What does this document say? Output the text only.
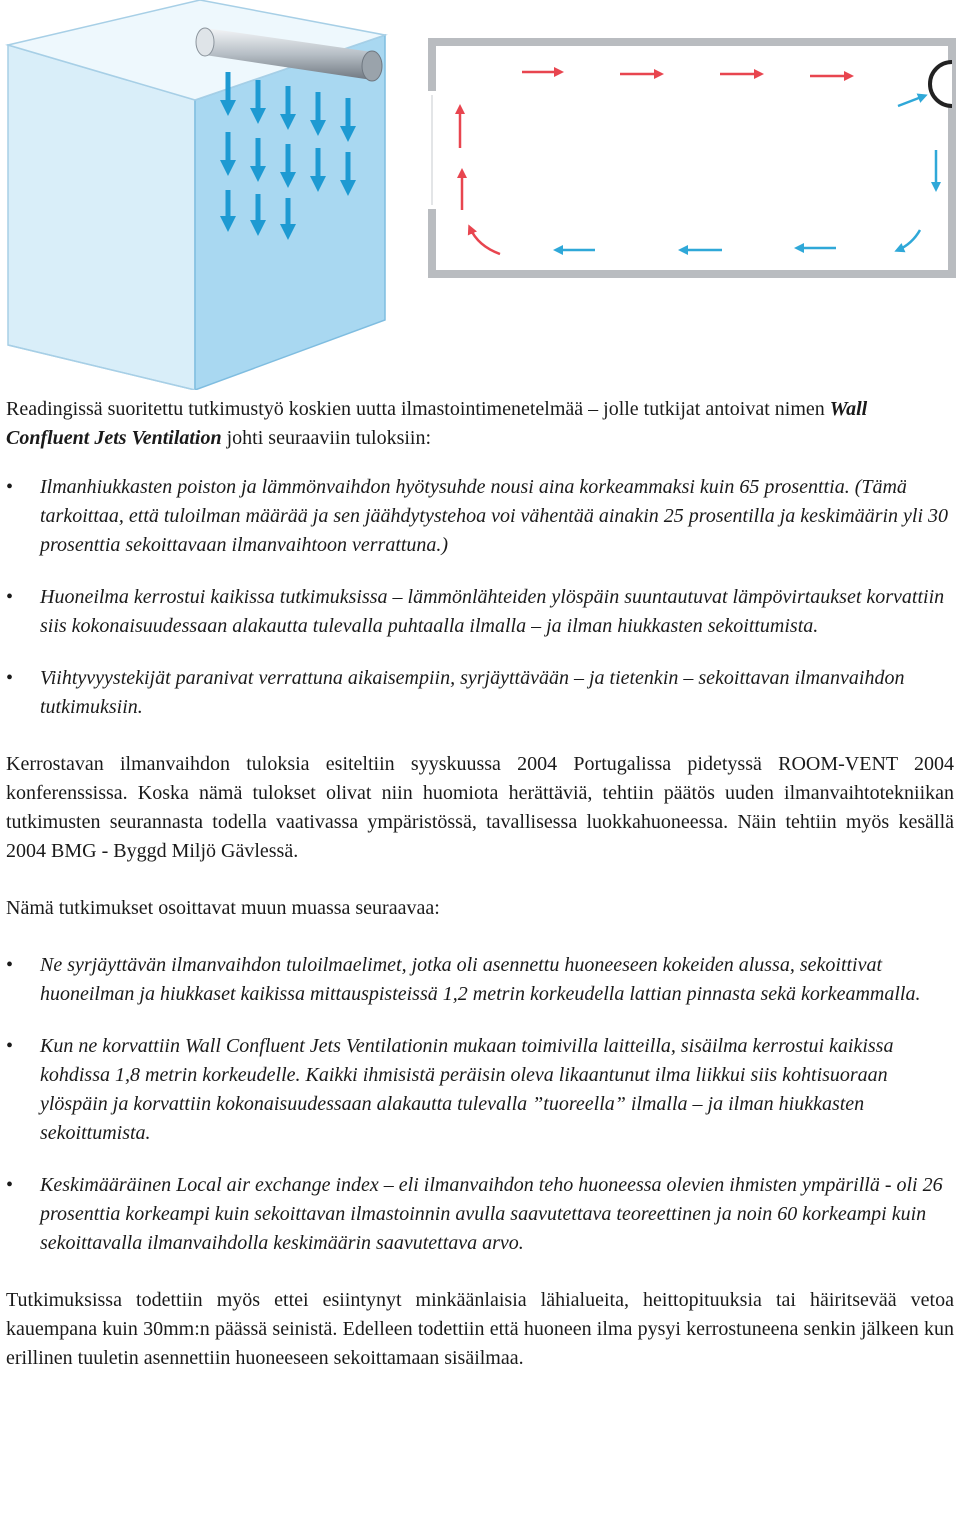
Readingissä suoritettu tutkimustyö koskien uutta ilmastointimenetelmää – jolle tutkijat antoivat nimen Wall Confluent Jets Ventilation johti seuraaviin tuloksiin:

• Ilmanhiukkasten poiston ja lämmönvaihdon hyötysuhde nousi aina korkeammaksi kuin 65 prosenttia. (Tämä tarkoittaa, että tuloilman määrää ja sen jäähdytystehoa voi vähentää ainakin 25 prosentilla ja keskimäärin yli 30 prosenttia sekoittavaan ilmanvaihtoon verrattuna.)
• Huoneilma kerrostui kaikissa tutkimuksissa – lämmönlähteiden ylöspäin suuntautuvat lämpövirtaukset korvattiin siis kokonaisuudessaan alakautta tulevalla puhtaalla ilmalla – ja ilman hiukkasten sekoittumista.
• Viihtyvyystekijät paranivat verrattuna aikaisempiin, syrjäyttävään – ja tietenkin – sekoittavan ilmanvaihdon tutkimuksiin.

Kerrostavan ilmanvaihdon tuloksia esiteltiin syyskuussa 2004 Portugalissa pidetyssä ROOM-VENT 2004 konferenssissa. Koska nämä tulokset olivat niin huomiota herättäviä, tehtiin päätös uuden ilmanvaihtotekniikan tutkimusten seurannasta todella vaativassa ympäristössä, tavallisessa luokkahuoneessa. Näin tehtiin myös kesällä 2004 BMG - Byggd Miljö Gävlessä.

Nämä tutkimukset osoittavat muun muassa seuraavaa:

• Ne syrjäyttävän ilmanvaihdon tuloilmaelimet, jotka oli asennettu huoneeseen kokeiden alussa, sekoittivat huoneilman ja hiukkaset kaikissa mittauspisteissä 1,2 metrin korkeudella lattian pinnasta sekä korkeammalla.
• Kun ne korvattiin Wall Confluent Jets Ventilationin mukaan toimivilla laitteilla, sisäilma kerrostui kaikissa kohdissa 1,8 metrin korkeudelle. Kaikki ihmisistä peräisin oleva likaantunut ilma liikkui siis kohtisuoraan ylöspäin ja korvattiin kokonaisuudessaan alakautta tulevalla ”tuoreella” ilmalla – ja ilman hiukkasten sekoittumista.
• Keskimääräinen Local air exchange index – eli ilmanvaihdon teho huoneessa olevien ihmisten ympärillä - oli 26 prosenttia korkeampi kuin sekoittavan ilmastoinnin avulla saavutettava teoreettinen ja noin 60 korkeampi kuin sekoittavalla ilmanvaihdolla keskimäärin saavutettava arvo.

Tutkimuksissa todettiin myös ettei esiintynyt minkäänlaisia lähialueita, heittopituuksia tai häiritsevää vetoa kauempana kuin 30mm:n päässä seinistä. Edelleen todettiin että huoneen ilma pysyi kerrostuneena senkin jälkeen kun erillinen tuuletin asennettiin huoneeseen sekoittamaan sisäilmaa.
